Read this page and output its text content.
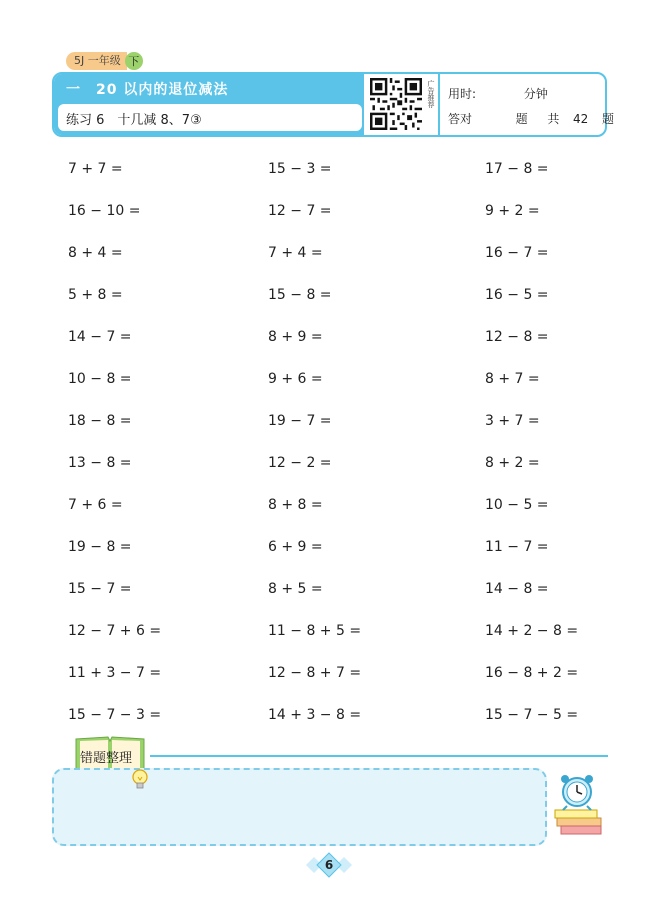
5J 一年级 下
一　20 以内的退位减法
练习 6　十几减 8、7③
广告推荐 用时:	分钟
答对	题 共 42 题
7 + 7 =	15 − 3 =	17 − 8 =
16 − 10 =	12 − 7 =	9 + 2 =
8 + 4 =	7 + 4 =	16 − 7 =
5 + 8 =	15 − 8 =	16 − 5 =
14 − 7 =	8 + 9 =	12 − 8 =
10 − 8 =	9 + 6 =	8 + 7 =
18 − 8 =	19 − 7 =	3 + 7 =
13 − 8 =	12 − 2 =	8 + 2 =
7 + 6 =	8 + 8 =	10 − 5 =
19 − 8 =	6 + 9 =	11 − 7 =
15 − 7 =	8 + 5 =	14 − 8 =
12 − 7 + 6 =	11 − 8 + 5 =	14 + 2 − 8 =
11 + 3 − 7 =	12 − 8 + 7 =	16 − 8 + 2 =
15 − 7 − 3 =	14 + 3 − 8 =	15 − 7 − 5 =
错题整理
6
